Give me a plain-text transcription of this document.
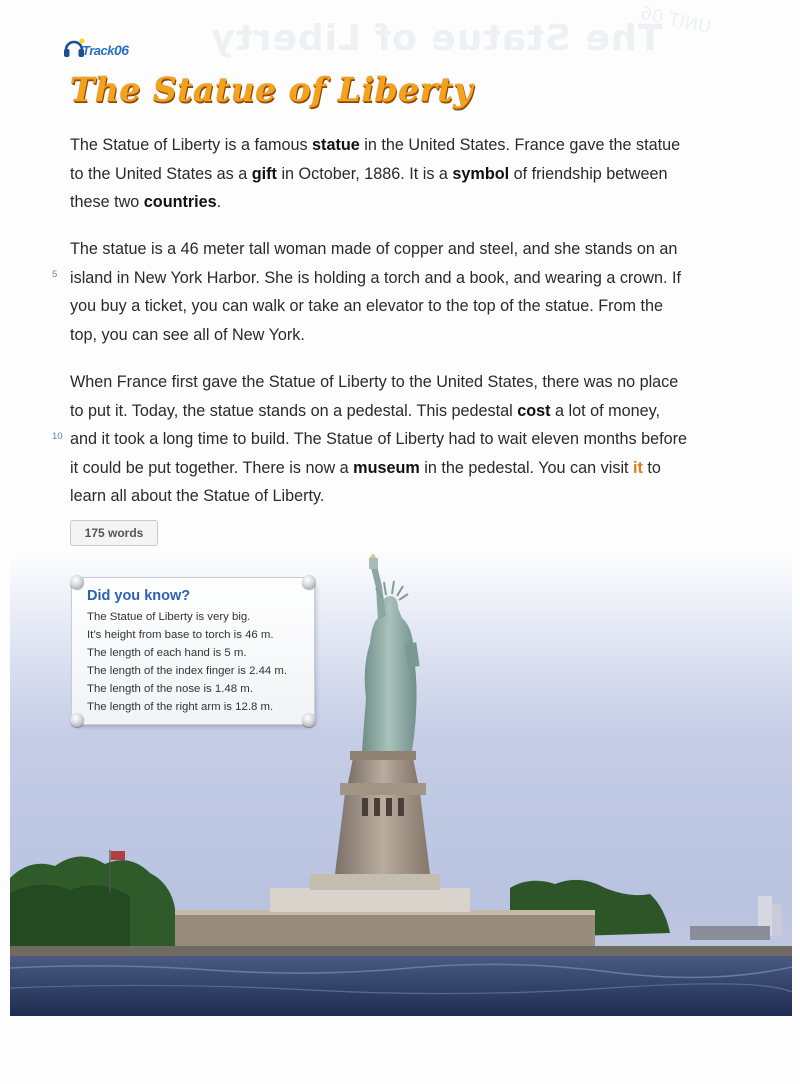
The Statue of Liberty
UNIT 06
Track06
The Statue of Liberty

The Statue of Liberty is a famous statue in the United States. France gave the statue to the United States as a gift in October, 1886. It is a symbol of friendship between these two countries.

5

The statue is a 46 meter tall woman made of copper and steel, and she stands on an island in New York Harbor. She is holding a torch and a book, and wearing a crown. If you buy a ticket, you can walk or take an elevator to the top of the statue. From the top, you can see all of New York.

10

When France first gave the Statue of Liberty to the United States, there was no place to put it. Today, the statue stands on a pedestal. This pedestal cost a lot of money, and it took a long time to build. The Statue of Liberty had to wait eleven months before it could be put together. There is now a museum in the pedestal. You can visit it to learn all about the Statue of Liberty.

175 words
Did you know?
The Statue of Liberty is very big.
It’s height from base to torch is 46 m.
The length of each hand is 5 m.
The length of the index finger is 2.44 m.
The length of the nose is 1.48 m.
The length of the right arm is 12.8 m.
